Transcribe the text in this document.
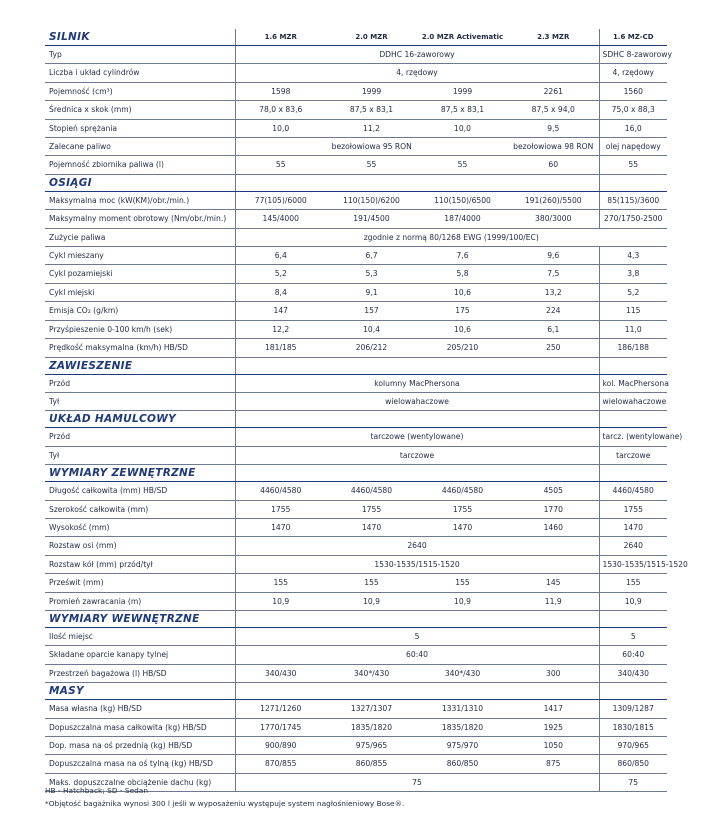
SILNIK	1.6 MZR	2.0 MZR	2.0 MZR Activematic	2.3 MZR	1.6 MZ-CD
Typ	DDHC 16-zaworowy				SDHC 8-zaworowy
Liczba i układ cylindrów	4, rzędowy				4, rzędowy
Pojemność (cm³)	1598	1999	1999	2261	1560
Średnica x skok (mm)	78,0 x 83,6	87,5 x 83,1	87,5 x 83,1	87,5 x 94,0	75,0 x 88,3
Stopień sprężania	10,0	11,2	10,0	9,5	16,0
Zalecane paliwo	bezołowiowa 95 RON			bezołowiowa 98 RON	olej napędowy
Pojemność zbiornika paliwa (l)	55	55	55	60	55
OSIĄGI					
Maksymalna moc (kW(KM)/obr./min.)	77(105)/6000	110(150)/6200	110(150)/6500	191(260)/5500	85(115)/3600
Maksymalny moment obrotowy (Nm/obr./min.)	145/4000	191/4500	187/4000	380/3000	270/1750-2500
Zużycie paliwa	zgodnie z normą 80/1268 EWG (1999/100/EC)				
Cykl mieszany	6,4	6,7	7,6	9,6	4,3
Cykl pozamiejski	5,2	5,3	5,8	7,5	3,8
Cykl miejski	8,4	9,1	10,6	13,2	5,2
Emisja CO₂ (g/km)	147	157	175	224	115
Przyśpieszenie 0-100 km/h (sek)	12,2	10,4	10,6	6,1	11,0
Prędkość maksymalna (km/h) HB/SD	181/185	206/212	205/210	250	186/188
ZAWIESZENIE					
Przód	kolumny MacPhersona				kol. MacPhersona
Tył	wielowahaczowe				wielowahaczowe
UKŁAD HAMULCOWY					
Przód	tarczowe (wentylowane)				tarcz. (wentylowane)
Tył	tarczowe				tarczowe
WYMIARY ZEWNĘTRZNE					
Długość całkowita (mm) HB/SD	4460/4580	4460/4580	4460/4580	4505	4460/4580
Szerokość całkowita (mm)	1755	1755	1755	1770	1755
Wysokość (mm)	1470	1470	1470	1460	1470
Rozstaw osi (mm)	2640				2640
Rozstaw kół (mm) przód/tył	1530-1535/1515-1520				1530-1535/1515-1520
Prześwit (mm)	155	155	155	145	155
Promień zawracania (m)	10,9	10,9	10,9	11,9	10,9
WYMIARY WEWNĘTRZNE					
Ilość miejsc	5				5
Składane oparcie kanapy tylnej	60:40				60:40
Przestrzeń bagażowa (l) HB/SD	340/430	340*/430	340*/430	300	340/430
MASY					
Masa własna (kg) HB/SD	1271/1260	1327/1307	1331/1310	1417	1309/1287
Dopuszczalna masa całkowita (kg) HB/SD	1770/1745	1835/1820	1835/1820	1925	1830/1815
Dop. masa na oś przednią (kg) HB/SD	900/890	975/965	975/970	1050	970/965
Dopuszczalna masa na oś tylną (kg) HB/SD	870/855	860/855	860/850	875	860/850
Maks. dopuszczalne obciążenie dachu (kg)	75				75
HB - Hatchback; SD - Sedan
*Objętość bagażnika wynosi 300 l jeśli w wyposażeniu występuje system nagłośnieniowy Bose®.
